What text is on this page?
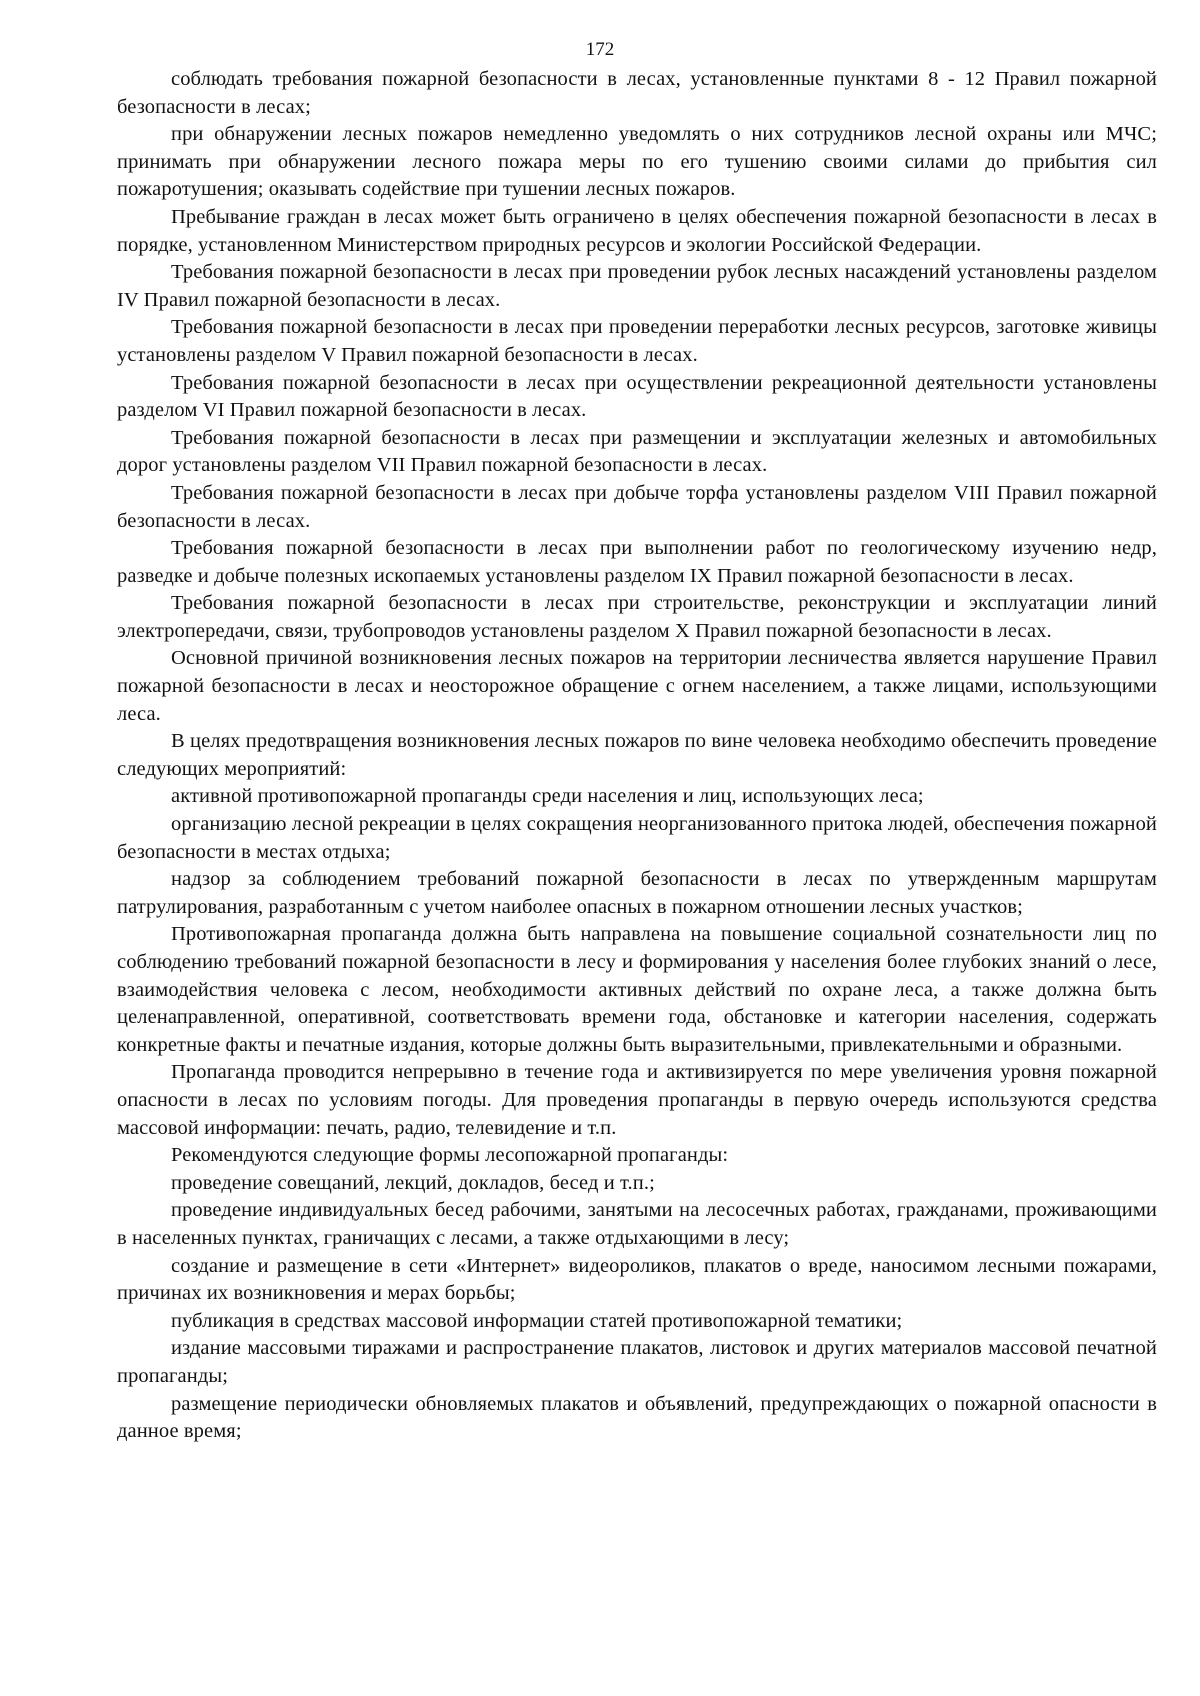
172

соблюдать требования пожарной безопасности в лесах, установленные пунктами 8 - 12 Правил пожарной безопасности в лесах;

при обнаружении лесных пожаров немедленно уведомлять о них сотрудников лесной охраны или МЧС; принимать при обнаружении лесного пожара меры по его тушению своими силами до прибытия сил пожаротушения; оказывать содействие при тушении лесных пожаров.

Пребывание граждан в лесах может быть ограничено в целях обеспечения пожарной безопасности в лесах в порядке, установленном Министерством природных ресурсов и экологии Российской Федерации.

Требования пожарной безопасности в лесах при проведении рубок лесных насаждений установлены разделом IV Правил пожарной безопасности в лесах.

Требования пожарной безопасности в лесах при проведении переработки лесных ресурсов, заготовке живицы установлены разделом V Правил пожарной безопасности в лесах.

Требования пожарной безопасности в лесах при осуществлении рекреационной деятельности установлены разделом VI Правил пожарной безопасности в лесах.

Требования пожарной безопасности в лесах при размещении и эксплуатации железных и автомобильных дорог установлены разделом VII Правил пожарной безопасности в лесах.

Требования пожарной безопасности в лесах при добыче торфа установлены разделом VIII Правил пожарной безопасности в лесах.

Требования пожарной безопасности в лесах при выполнении работ по геологическому изучению недр, разведке и добыче полезных ископаемых установлены разделом IX Правил пожарной безопасности в лесах.

Требования пожарной безопасности в лесах при строительстве, реконструкции и эксплуатации линий электропередачи, связи, трубопроводов установлены разделом X Правил пожарной безопасности в лесах.

Основной причиной возникновения лесных пожаров на территории лесничества является нарушение Правил пожарной безопасности в лесах и неосторожное обращение с огнем населением, а также лицами, использующими леса.

В целях предотвращения возникновения лесных пожаров по вине человека необходимо обеспечить проведение следующих мероприятий:

активной противопожарной пропаганды среди населения и лиц, использующих леса;

организацию лесной рекреации в целях сокращения неорганизованного притока людей, обеспечения пожарной безопасности в местах отдыха;

надзор за соблюдением требований пожарной безопасности в лесах по утвержденным маршрутам патрулирования, разработанным с учетом наиболее опасных в пожарном отношении лесных участков;

Противопожарная пропаганда должна быть направлена на повышение социальной сознательности лиц по соблюдению требований пожарной безопасности в лесу и формирования у населения более глубоких знаний о лесе, взаимодействия человека с лесом, необходимости активных действий по охране леса, а также должна быть целенаправленной, оперативной, соответствовать времени года, обстановке и категории населения, содержать конкретные факты и печатные издания, которые должны быть выразительными, привлекательными и образными.

Пропаганда проводится непрерывно в течение года и активизируется по мере увеличения уровня пожарной опасности в лесах по условиям погоды. Для проведения пропаганды в первую очередь используются средства массовой информации: печать, радио, телевидение и т.п.

Рекомендуются следующие формы лесопожарной пропаганды:

проведение совещаний, лекций, докладов, бесед и т.п.;

проведение индивидуальных бесед рабочими, занятыми на лесосечных работах, гражданами, проживающими в населенных пунктах, граничащих с лесами, а также отдыхающими в лесу;

создание и размещение в сети «Интернет» видеороликов, плакатов о вреде, наносимом лесными пожарами, причинах их возникновения и мерах борьбы;

публикация в средствах массовой информации статей противопожарной тематики;

издание массовыми тиражами и распространение плакатов, листовок и других материалов массовой печатной пропаганды;

размещение периодически обновляемых плакатов и объявлений, предупреждающих о пожарной опасности в данное время;
